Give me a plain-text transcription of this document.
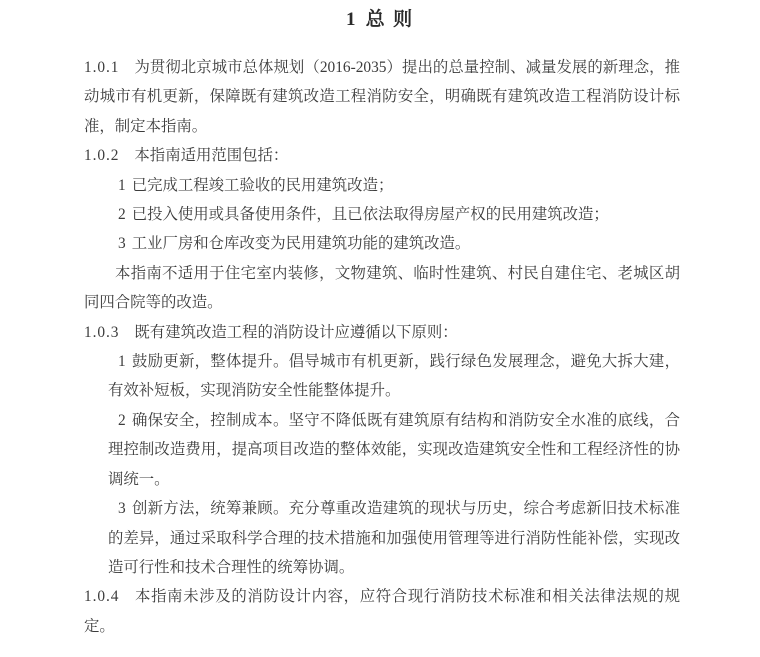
1 总 则

1.0.1 为贯彻北京城市总体规划（2016-2035）提出的总量控制、减量发展的新理念，推动城市有机更新，保障既有建筑改造工程消防安全，明确既有建筑改造工程消防设计标准，制定本指南。

1.0.2 本指南适用范围包括：

1 已完成工程竣工验收的民用建筑改造；

2 已投入使用或具备使用条件，且已依法取得房屋产权的民用建筑改造；

3 工业厂房和仓库改变为民用建筑功能的建筑改造。

本指南不适用于住宅室内装修，文物建筑、临时性建筑、村民自建住宅、老城区胡同四合院等的改造。

1.0.3 既有建筑改造工程的消防设计应遵循以下原则：

1 鼓励更新，整体提升。倡导城市有机更新，践行绿色发展理念，避免大拆大建，有效补短板，实现消防安全性能整体提升。

2 确保安全，控制成本。坚守不降低既有建筑原有结构和消防安全水准的底线，合理控制改造费用，提高项目改造的整体效能，实现改造建筑安全性和工程经济性的协调统一。

3 创新方法，统筹兼顾。充分尊重改造建筑的现状与历史，综合考虑新旧技术标准的差异，通过采取科学合理的技术措施和加强使用管理等进行消防性能补偿，实现改造可行性和技术合理性的统筹协调。

1.0.4 本指南未涉及的消防设计内容，应符合现行消防技术标准和相关法律法规的规定。
